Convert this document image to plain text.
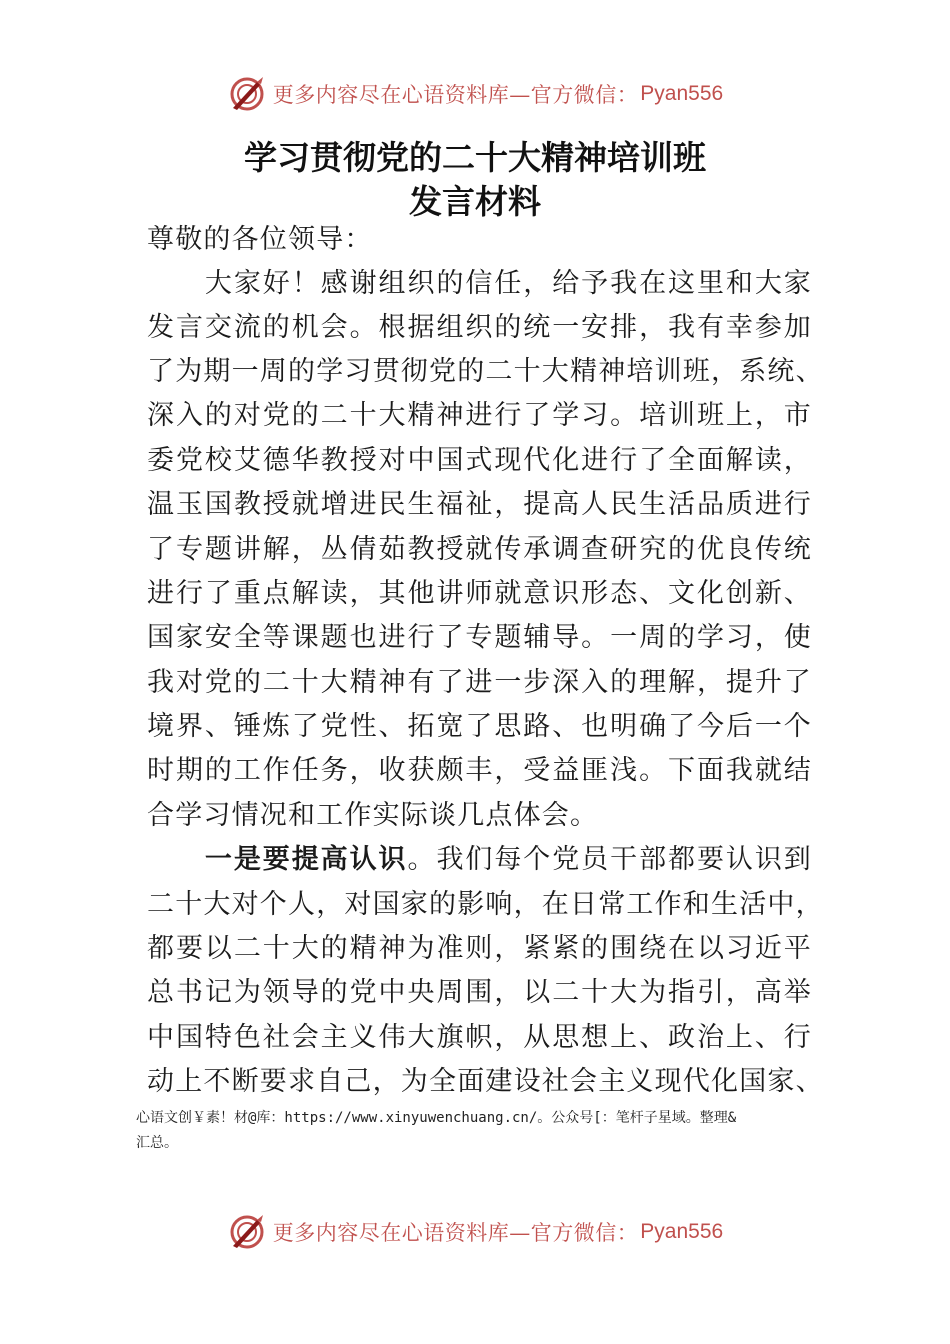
更多内容尽在心语资料库—官方微信： Pyan556
学习贯彻党的二十大精神培训班
发言材料
尊敬的各位领导：
　　大家好！感谢组织的信任，给予我在这里和大家
发言交流的机会。根据组织的统一安排，我有幸参加
了为期一周的学习贯彻党的二十大精神培训班，系统、
深入的对党的二十大精神进行了学习。培训班上，市
委党校艾德华教授对中国式现代化进行了全面解读，
温玉国教授就增进民生福祉，提高人民生活品质进行
了专题讲解，丛倩茹教授就传承调查研究的优良传统
进行了重点解读，其他讲师就意识形态、文化创新、
国家安全等课题也进行了专题辅导。一周的学习，使
我对党的二十大精神有了进一步深入的理解，提升了
境界、锤炼了党性、拓宽了思路、也明确了今后一个
时期的工作任务，收获颇丰，受益匪浅。下面我就结
合学习情况和工作实际谈几点体会。
　　一是要提高认识。我们每个党员干部都要认识到
二十大对个人，对国家的影响，在日常工作和生活中，
都要以二十大的精神为准则，紧紧的围绕在以习近平
总书记为领导的党中央周围，以二十大为指引，高举
中国特色社会主义伟大旗帜，从思想上、政治上、行
动上不断要求自己，为全面建设社会主义现代化国家、
心语文创￥素！材@库：https://www.xinyuwenchuang.cn/。公众号[：笔杆子星域。整理&
汇总。
更多内容尽在心语资料库—官方微信： Pyan556
